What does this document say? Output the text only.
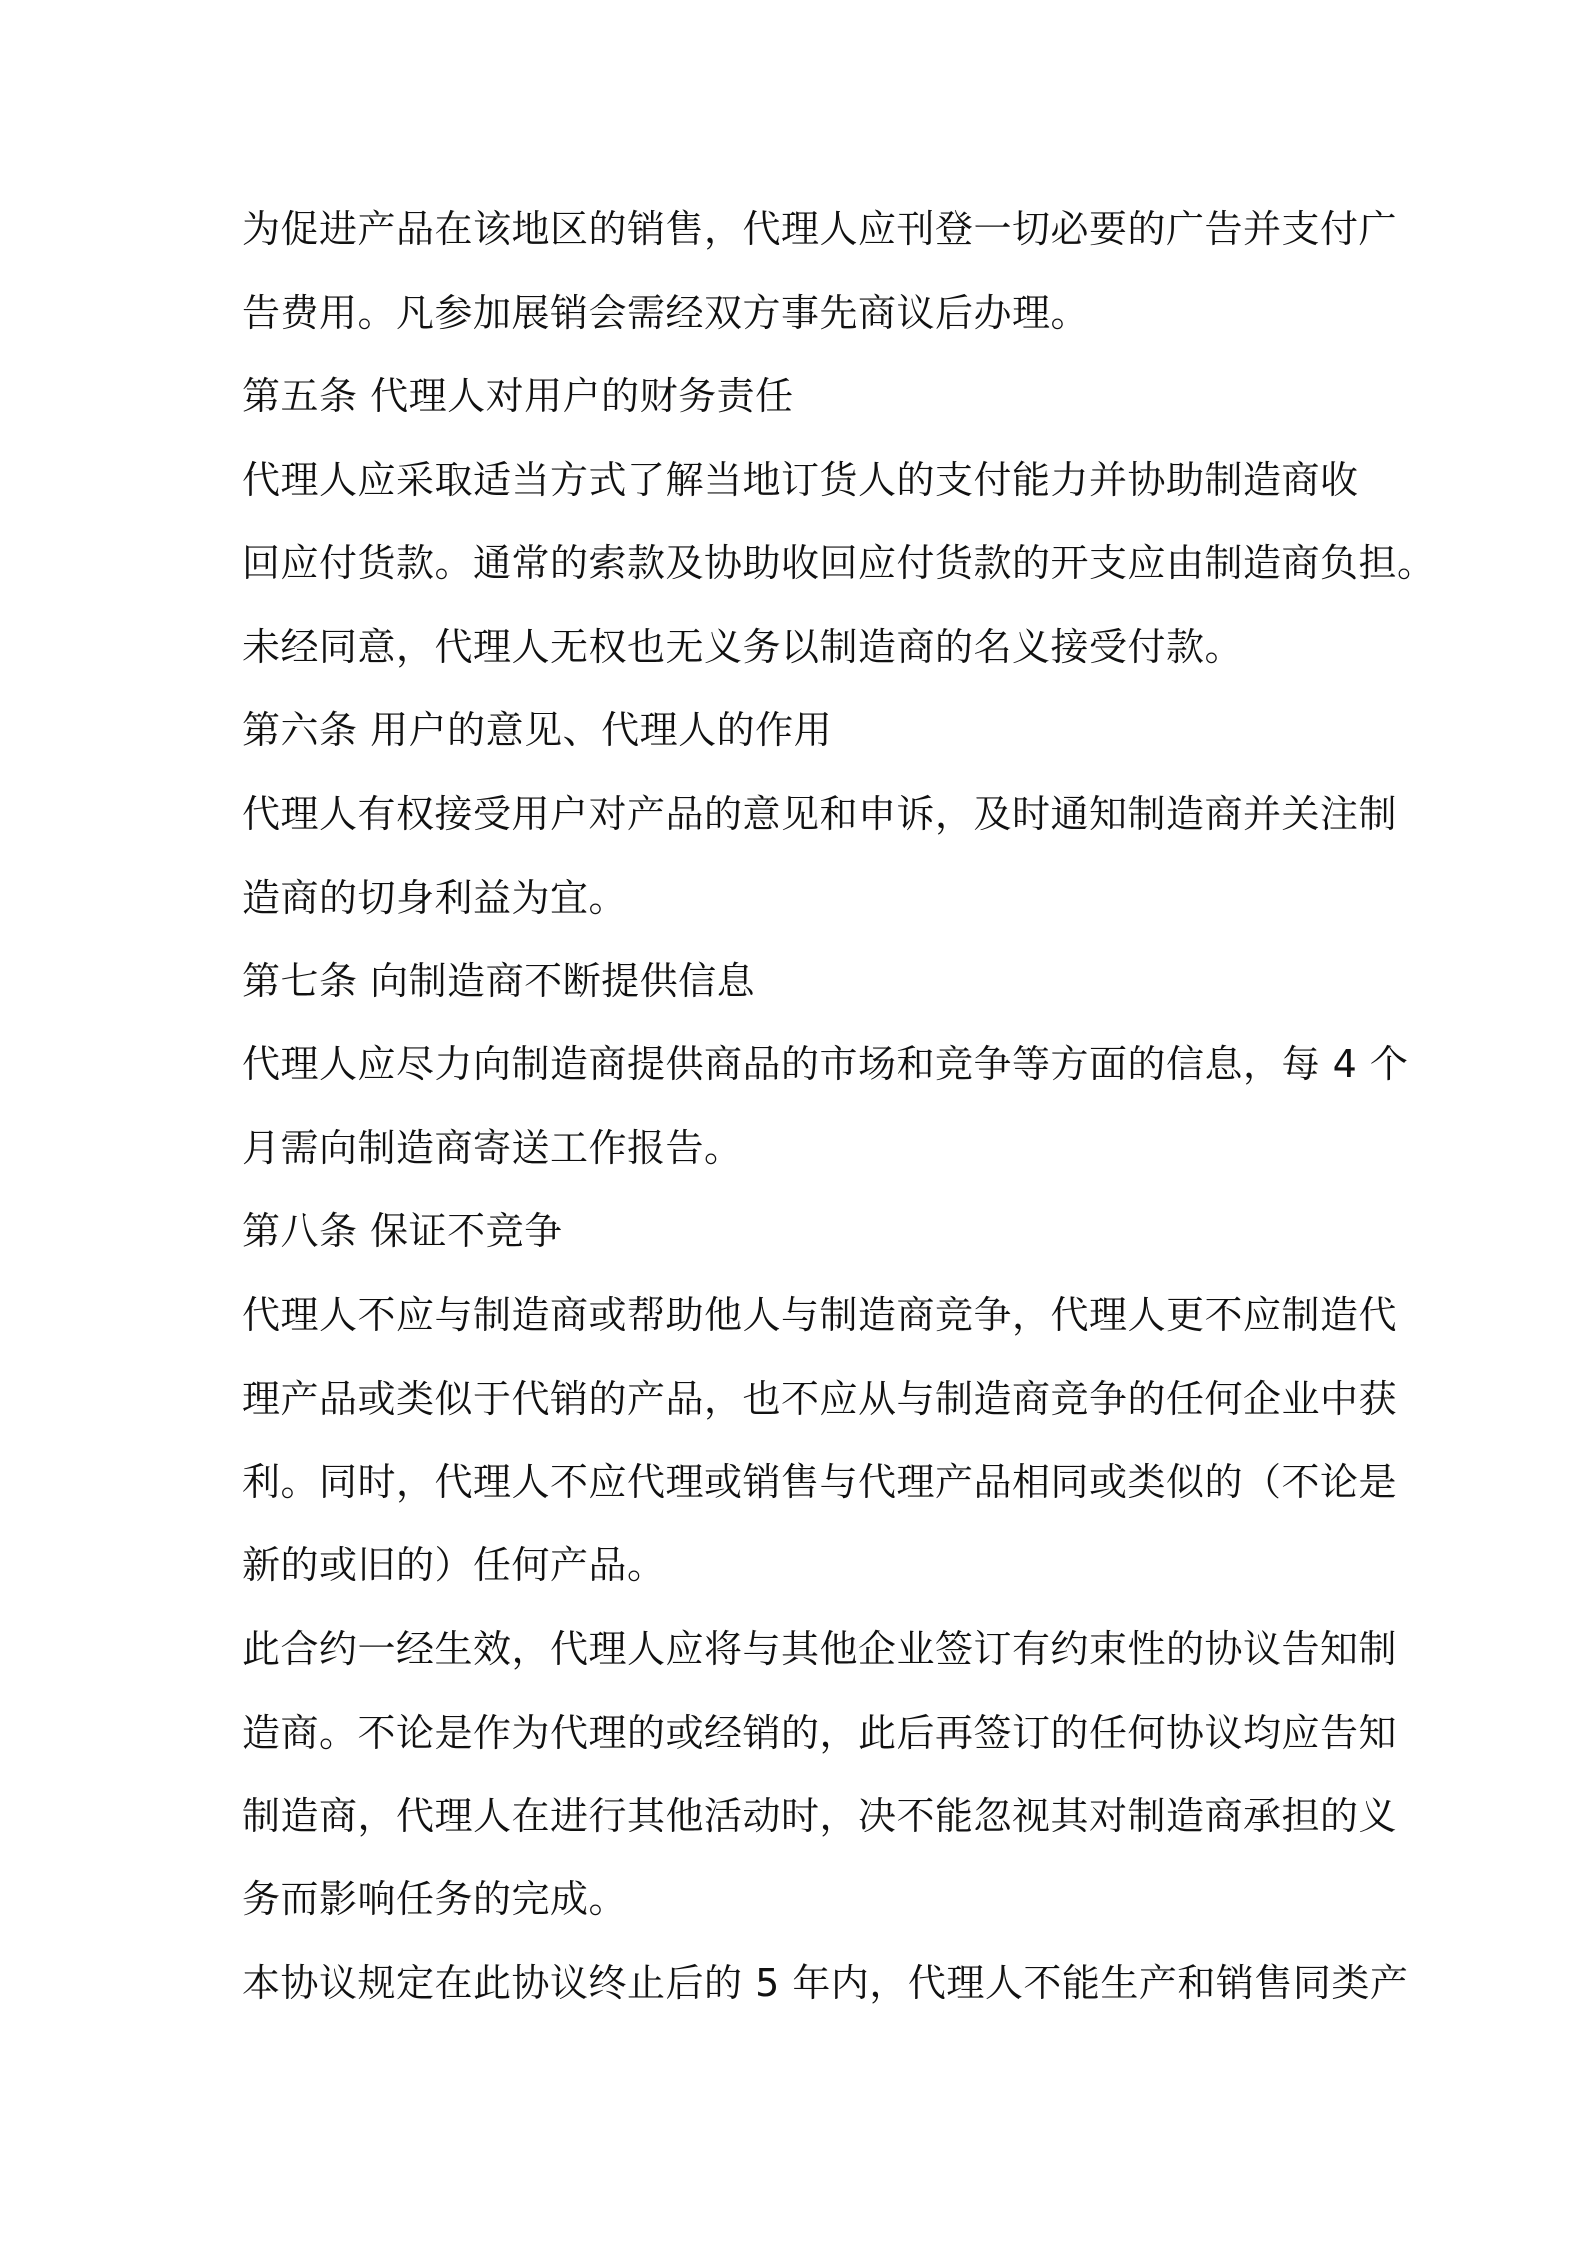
为促进产品在该地区的销售，代理人应刊登一切必要的广告并支付广

告费用。凡参加展销会需经双方事先商议后办理。

第五条 代理人对用户的财务责任

代理人应采取适当方式了解当地订货人的支付能力并协助制造商收

回应付货款。通常的索款及协助收回应付货款的开支应由制造商负担。

未经同意，代理人无权也无义务以制造商的名义接受付款。

第六条 用户的意见、代理人的作用

代理人有权接受用户对产品的意见和申诉，及时通知制造商并关注制

造商的切身利益为宜。

第七条 向制造商不断提供信息

代理人应尽力向制造商提供商品的市场和竞争等方面的信息，每 4 个

月需向制造商寄送工作报告。

第八条 保证不竞争

代理人不应与制造商或帮助他人与制造商竞争，代理人更不应制造代

理产品或类似于代销的产品，也不应从与制造商竞争的任何企业中获

利。同时，代理人不应代理或销售与代理产品相同或类似的（不论是

新的或旧的）任何产品。

此合约一经生效，代理人应将与其他企业签订有约束性的协议告知制

造商。不论是作为代理的或经销的，此后再签订的任何协议均应告知

制造商，代理人在进行其他活动时，决不能忽视其对制造商承担的义

务而影响任务的完成。

本协议规定在此协议终止后的 5 年内，代理人不能生产和销售同类产
